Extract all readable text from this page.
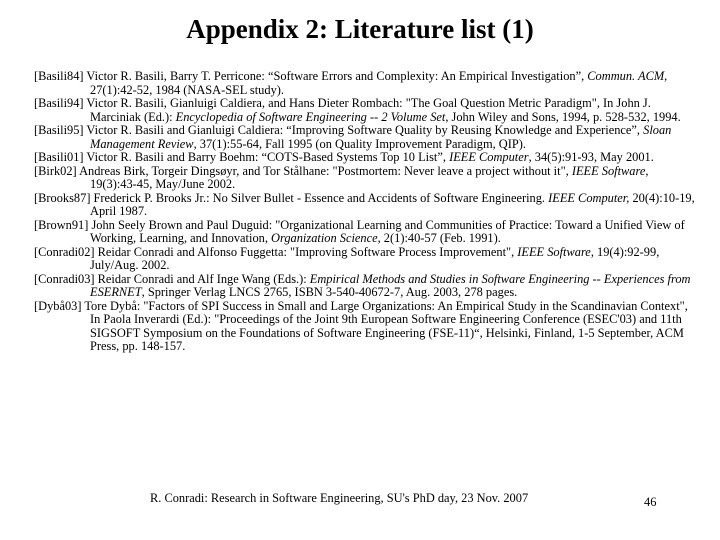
Appendix 2: Literature list (1)

[Basili84] Victor R. Basili, Barry T. Perricone: “Software Errors and Complexity: An Empirical Investigation”, Commun. ACM, 27(1):42-52, 1984 (NASA-SEL study).

[Basili94] Victor R. Basili, Gianluigi Caldiera, and Hans Dieter Rombach: "The Goal Question Metric Paradigm", In John J. Marciniak (Ed.): Encyclopedia of Software Engineering -- 2 Volume Set, John Wiley and Sons, 1994, p. 528-532, 1994.

[Basili95] Victor R. Basili and Gianluigi Caldiera: “Improving Software Quality by Reusing Knowledge and Experience”, Sloan Management Review, 37(1):55-64, Fall 1995 (on Quality Improvement Paradigm, QIP).

[Basili01] Victor R. Basili and Barry Boehm: “COTS-Based Systems Top 10 List”, IEEE Computer, 34(5):91-93, May 2001.

[Birk02] Andreas Birk, Torgeir Dingsøyr, and Tor Stålhane: "Postmortem: Never leave a project without it", IEEE Software, 19(3):43-45, May/June 2002.

[Brooks87] Frederick P. Brooks Jr.: No Silver Bullet - Essence and Accidents of Software Engineering. IEEE Computer, 20(4):10-19, April 1987.

[Brown91] John Seely Brown and Paul Duguid: "Organizational Learning and Communities of Practice: Toward a Unified View of Working, Learning, and Innovation, Organization Science, 2(1):40-57 (Feb. 1991).

[Conradi02] Reidar Conradi and Alfonso Fuggetta: "Improving Software Process Improvement", IEEE Software, 19(4):92-99, July/Aug. 2002.

[Conradi03] Reidar Conradi and Alf Inge Wang (Eds.): Empirical Methods and Studies in Software Engineering -- Experiences from ESERNET, Springer Verlag LNCS 2765, ISBN 3-540-40672-7, Aug. 2003, 278 pages.

[Dybå03] Tore Dybå: "Factors of SPI Success in Small and Large Organizations: An Empirical Study in the Scandinavian Context", In Paola Inverardi (Ed.): "Proceedings of the Joint 9th European Software Engineering Conference (ESEC'03) and 11th SIGSOFT Symposium on the Foundations of Software Engineering (FSE-11)“, Helsinki, Finland, 1-5 September, ACM Press, pp. 148-157.

R. Conradi: Research in Software Engineering, SU's PhD day, 23 Nov. 2007	46
